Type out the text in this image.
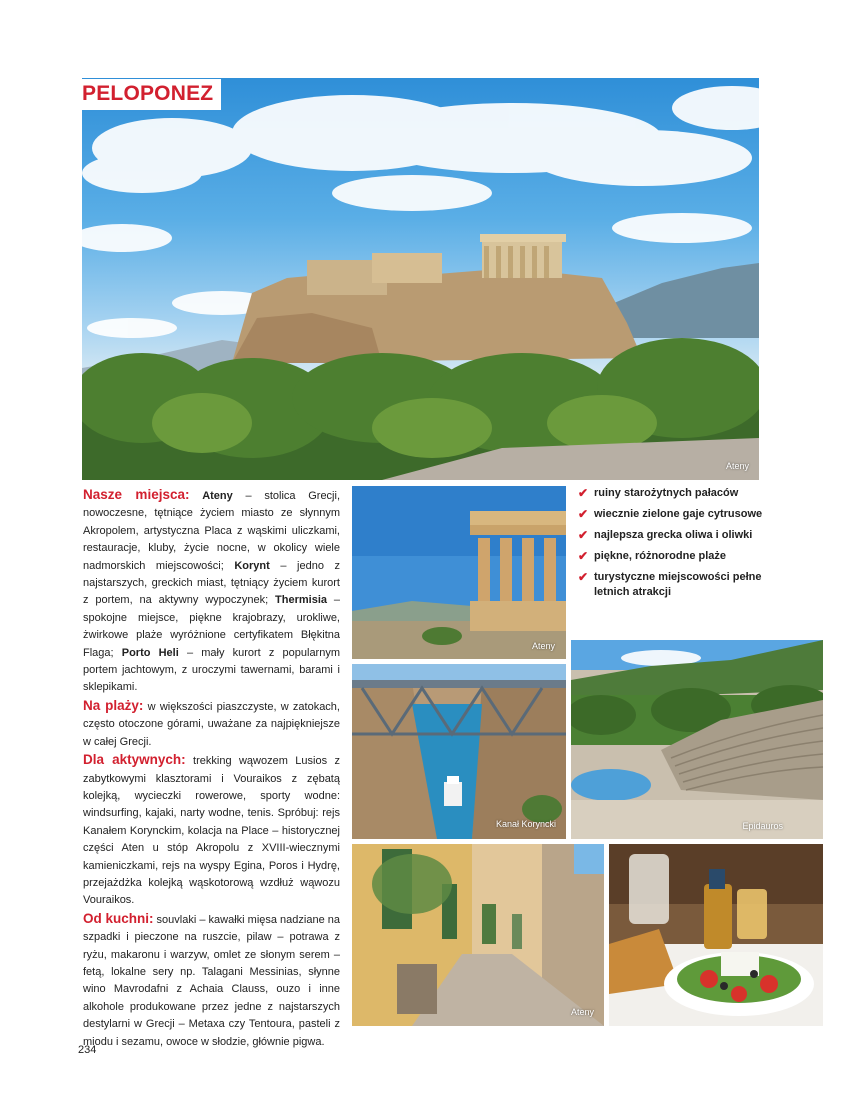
Ateny
PELOPONEZ
Ateny
✔ ruiny starożytnych pałaców
✔ wiecznie zielone gaje cytrusowe
✔ najlepsza grecka oliwa i oliwki
✔ piękne, różnorodne plaże
✔ turystyczne miejscowości pełne letnich atrakcji
Kanał Koryncki	Epidauros
Ateny

Nasze miejsca: Ateny – stolica Grecji, nowoczesne, tętniące życiem miasto ze słynnym Akropolem, artystyczna Placa z wąskimi uliczkami, restauracje, kluby, życie nocne, w okolicy wiele nadmorskich miejscowości; Korynt – jedno z najstarszych, greckich miast, tętniący życiem kurort z portem, na aktywny wypoczynek; Thermisia – spokojne miejsce, piękne krajobrazy, urokliwe, żwirkowe plaże wyróżnione certyfikatem Błękitna Flaga; Porto Heli – mały kurort z popularnym portem jachtowym, z uroczymi tawernami, barami i sklepikami.

Na plaży: w większości piaszczyste, w zatokach, często otoczone górami, uważane za najpiękniejsze w całej Grecji.

Dla aktywnych: trekking wąwozem Lusios z zabytkowymi klasztorami i Vouraikos z zębatą kolejką, wycieczki rowerowe, sporty wodne: windsurfing, kajaki, narty wodne, tenis. Spróbuj: rejs Kanałem Korynckim, kolacja na Place – historycznej części Aten u stóp Akropolu z XVIII-wiecznymi kamieniczkami, rejs na wyspy Egina, Poros i Hydrę, przejażdżka kolejką wąskotorową wzdłuż wąwozu Vouraikos.

Od kuchni: souvlaki – kawałki mięsa nadziane na szpadki i pieczone na ruszcie, pilaw – potrawa z ryżu, makaronu i warzyw, omlet ze słonym serem – fetą, lokalne sery np. Talagani Messinias, słynne wino Mavrodafni z Achaia Clauss, ouzo i inne alkohole produkowane przez jedne z najstarszych destylarni w Grecji – Metaxa czy Tentoura, pasteli z miodu i sezamu, owoce w słodzie, głównie pigwa.

234
